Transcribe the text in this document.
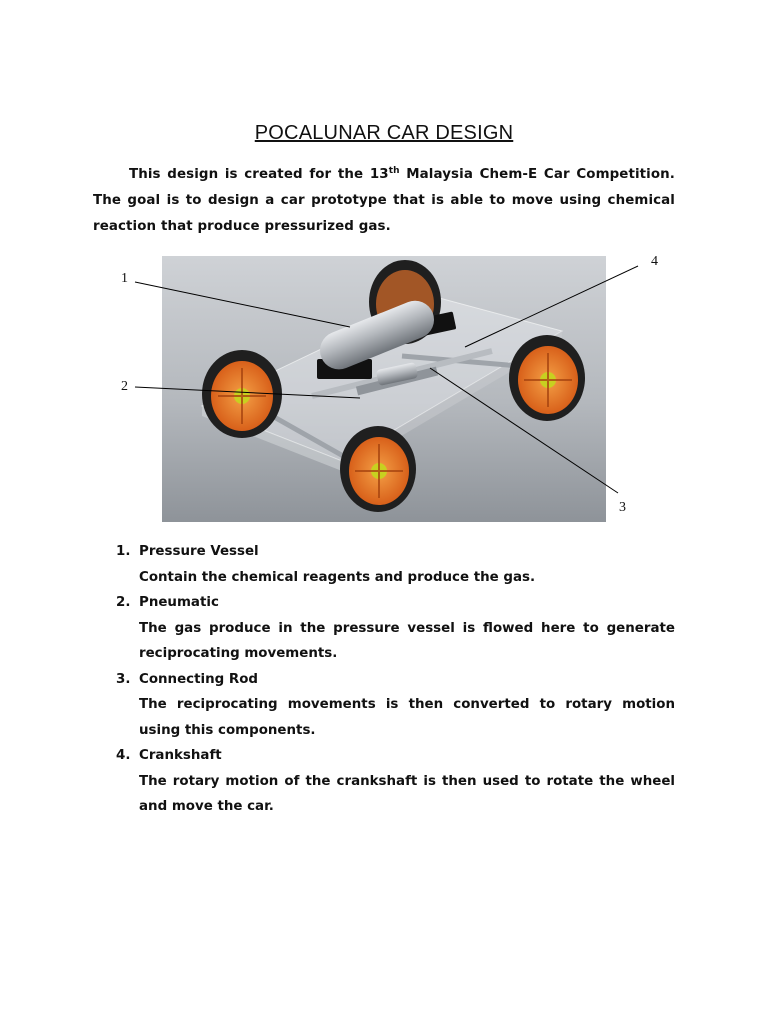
POCALUNAR CAR DESIGN
This design is created for the 13th Malaysia Chem-E Car Competition. The goal is to design a car prototype that is able to move using chemical reaction that produce pressurized gas.
1
2
3
4
1. Pressure Vessel
Contain the chemical reagents and produce the gas.
2. Pneumatic
The gas produce in the pressure vessel is flowed here to generate reciprocating movements.
3. Connecting Rod
The reciprocating movements is then converted to rotary motion using this components.
4. Crankshaft
The rotary motion of the crankshaft is then used to rotate the wheel and move the car.
